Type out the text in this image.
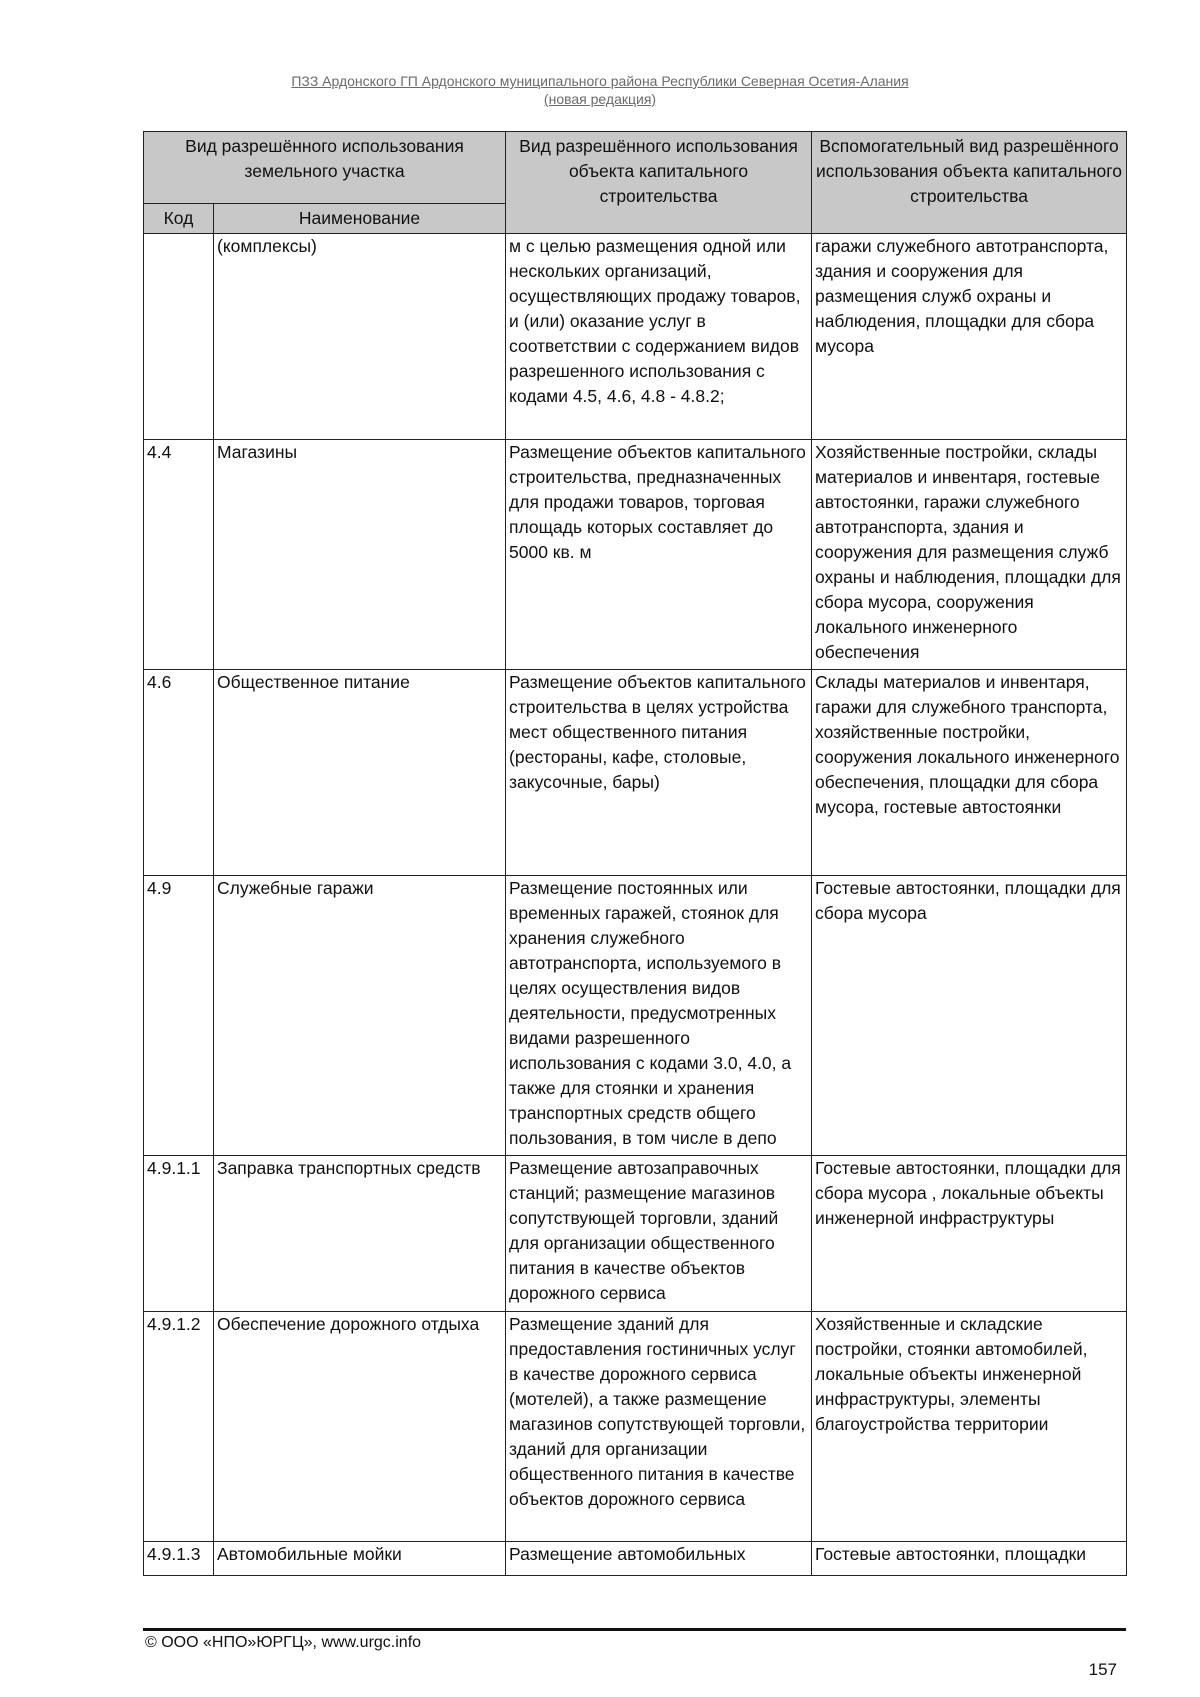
ПЗЗ Ардонского ГП Ардонского муниципального района Республики Северная Осетия-Алания
(новая редакция)
Вид разрешённого использования земельного участка		Вид разрешённого использования объекта капитального строительства	Вспомогательный вид разрешённого использования объекта капитального строительства
Код	Наименование		
	(комплексы)	м с целью размещения одной или нескольких организаций, осуществляющих продажу товаров, и (или) оказание услуг в соответствии с содержанием видов разрешенного использования с кодами 4.5, 4.6, 4.8 - 4.8.2;	гаражи служебного автотранспорта, здания и сооружения для размещения служб охраны и наблюдения, площадки для сбора мусора
4.4	Магазины	Размещение объектов капитального строительства, предназначенных для продажи товаров, торговая площадь которых составляет до 5000 кв. м	Хозяйственные постройки, склады материалов и инвентаря, гостевые автостоянки, гаражи служебного автотранспорта, здания и сооружения для размещения служб охраны и наблюдения, площадки для сбора мусора, сооружения локального инженерного обеспечения
4.6	Общественное питание	Размещение объектов капитального строительства в целях устройства мест общественного питания (рестораны, кафе, столовые, закусочные, бары)	Склады материалов и инвентаря, гаражи для служебного транспорта, хозяйственные постройки, сооружения локального инженерного обеспечения, площадки для сбора мусора, гостевые автостоянки
4.9	Служебные гаражи	Размещение постоянных или временных гаражей, стоянок для хранения служебного автотранспорта, используемого в целях осуществления видов деятельности, предусмотренных видами разрешенного использования с кодами 3.0, 4.0, а также для стоянки и хранения транспортных средств общего пользования, в том числе в депо	Гостевые автостоянки, площадки для сбора мусора
4.9.1.1	Заправка транспортных средств	Размещение автозаправочных станций; размещение магазинов сопутствующей торговли, зданий для организации общественного питания в качестве объектов дорожного сервиса	Гостевые автостоянки, площадки для сбора мусора , локальные объекты инженерной инфраструктуры
4.9.1.2	Обеспечение дорожного отдыха	Размещение зданий для предоставления гостиничных услуг в качестве дорожного сервиса (мотелей), а также размещение магазинов сопутствующей торговли, зданий для организации общественного питания в качестве объектов дорожного сервиса	Хозяйственные и складские постройки, стоянки автомобилей, локальные объекты инженерной инфраструктуры, элементы благоустройства территории
4.9.1.3	Автомобильные мойки	Размещение автомобильных	Гостевые автостоянки, площадки
© ООО «НПО»ЮРГЦ», www.urgc.info
157
